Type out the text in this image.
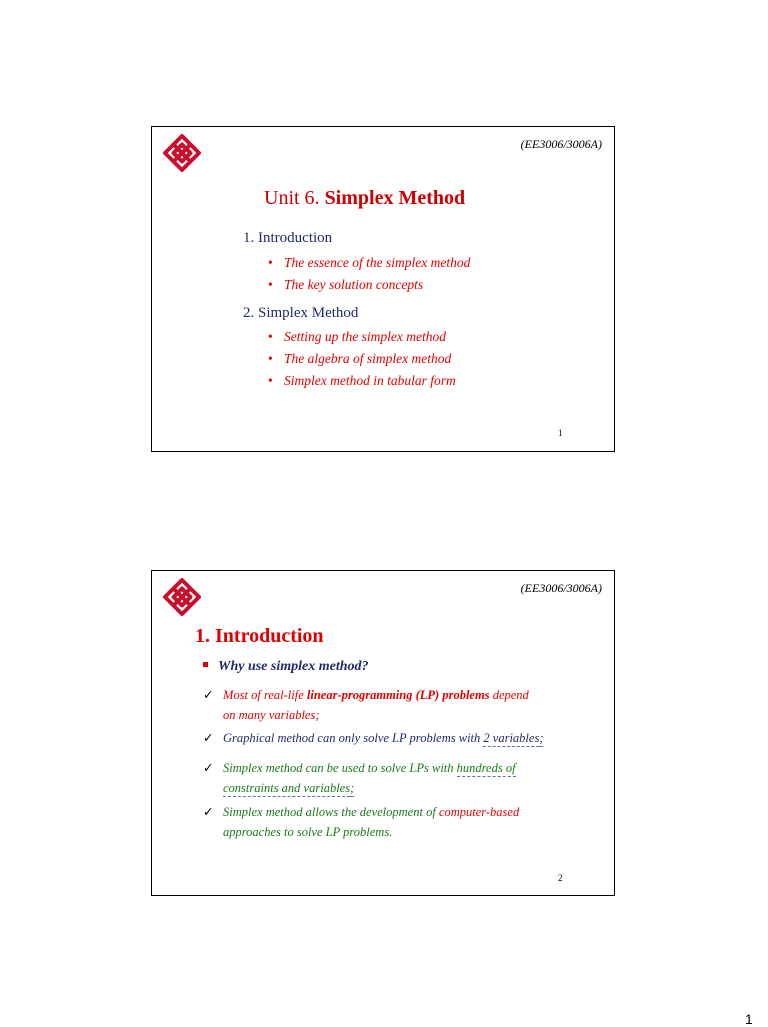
(EE3006/3006A)
Unit 6. Simplex Method
1. Introduction
• The essence of the simplex method
• The key solution concepts
2. Simplex Method
• Setting up the simplex method
• The algebra of simplex method
• Simplex method in tabular form
1
(EE3006/3006A)
1. Introduction
Why use simplex method?
✓ Most of real-life linear-programming (LP) problems depend
on many variables;
✓ Graphical method can only solve LP problems with 2 variables;
✓ Simplex method can be used to solve LPs with hundreds of
constraints and variables;
✓ Simplex method allows the development of computer-based
approaches to solve LP problems.
2
1
